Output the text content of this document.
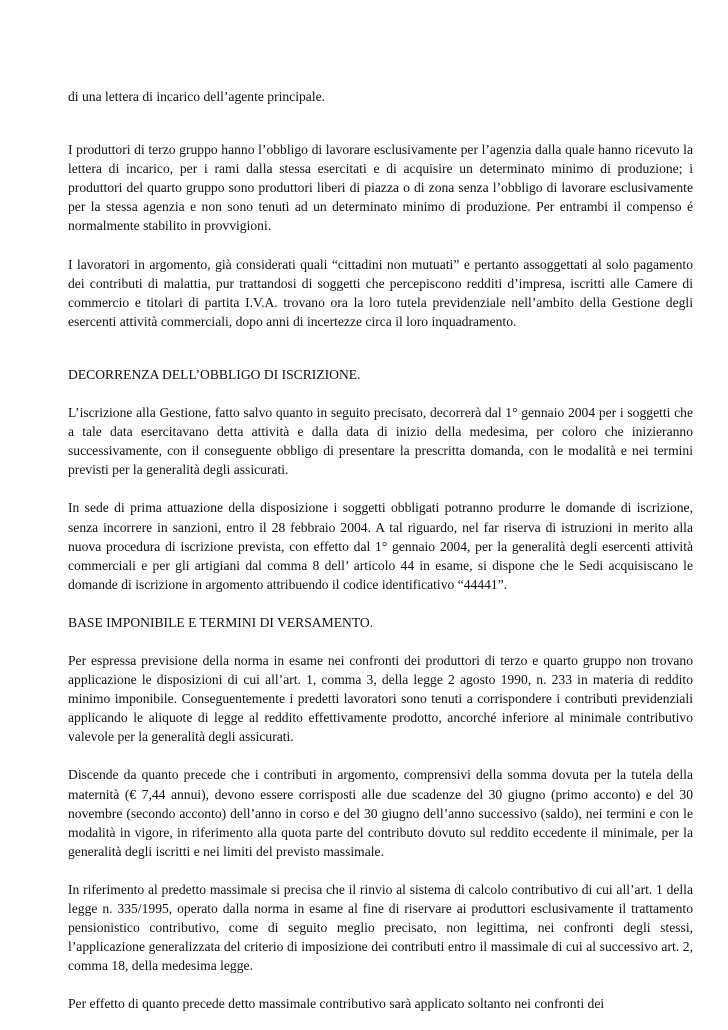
di una lettera di incarico dell’agente principale.

I produttori di terzo gruppo hanno l’obbligo di lavorare esclusivamente per l’agenzia dalla quale hanno ricevuto la lettera di incarico, per i rami dalla stessa esercitati e di acquisire un determinato minimo di produzione; i produttori del quarto gruppo sono produttori liberi di piazza o di zona senza l’obbligo di lavorare esclusivamente per la stessa agenzia e non sono tenuti ad un determinato minimo di produzione. Per entrambi il compenso é normalmente stabilito in provvigioni.

I lavoratori in argomento, già considerati quali “cittadini non mutuati” e pertanto assoggettati al solo pagamento dei contributi di malattia, pur trattandosi di soggetti che percepiscono redditi d’impresa, iscritti alle Camere di commercio e titolari di partita I.V.A. trovano ora la loro tutela previdenziale nell’ambito della Gestione degli esercenti attività commerciali, dopo anni di incertezze circa il loro inquadramento.

DECORRENZA DELL’OBBLIGO DI ISCRIZIONE.

L’iscrizione alla Gestione, fatto salvo quanto in seguito precisato, decorrerà dal 1° gennaio 2004 per i soggetti che a tale data esercitavano detta attività e dalla data di inizio della medesima, per coloro che inizieranno successivamente, con il conseguente obbligo di presentare la prescritta domanda, con le modalità e nei termini previsti per la generalità degli assicurati.

In sede di prima attuazione della disposizione i soggetti obbligati potranno produrre le domande di iscrizione, senza incorrere in sanzioni, entro il 28 febbraio 2004. A tal riguardo, nel far riserva di istruzioni in merito alla nuova procedura di iscrizione prevista, con effetto dal 1° gennaio 2004, per la generalità degli esercenti attività commerciali e per gli artigiani dal comma 8 dell’ articolo 44 in esame, si dispone che le Sedi acquisiscano le domande di iscrizione in argomento attribuendo il codice identificativo “44441”.

BASE IMPONIBILE E TERMINI DI VERSAMENTO.

Per espressa previsione della norma in esame nei confronti dei produttori di terzo e quarto gruppo non trovano applicazione le disposizioni di cui all’art. 1, comma 3, della legge 2 agosto 1990, n. 233 in materia di reddito minimo imponibile. Conseguentemente i predetti lavoratori sono tenuti a corrispondere i contributi previdenziali applicando le aliquote di legge al reddito effettivamente prodotto, ancorché inferiore al minimale contributivo valevole per la generalità degli assicurati.

Discende da quanto precede che i contributi in argomento, comprensivi della somma dovuta per la tutela della maternità (€ 7,44 annui), devono essere corrisposti alle due scadenze del 30 giugno (primo acconto) e del 30 novembre (secondo acconto) dell’anno in corso e del 30 giugno dell’anno successivo (saldo), nei termini e con le modalità in vigore, in riferimento alla quota parte del contributo dovuto sul reddito eccedente il minimale, per la generalità degli iscritti e nei limiti del previsto massimale.

In riferimento al predetto massimale si precisa che il rinvio al sistema di calcolo contributivo di cui all’art. 1 della legge n. 335/1995, operato dalla norma in esame al fine di riservare ai produttori esclusivamente il trattamento pensionistico contributivo, come di seguito meglio precisato, non legittima, nei confronti degli stessi, l’applicazione generalizzata del criterio di imposizione dei contributi entro il massimale di cui al successivo art. 2, comma 18, della medesima legge.

Per effetto di quanto precede detto massimale contributivo sarà applicato soltanto nei confronti dei
